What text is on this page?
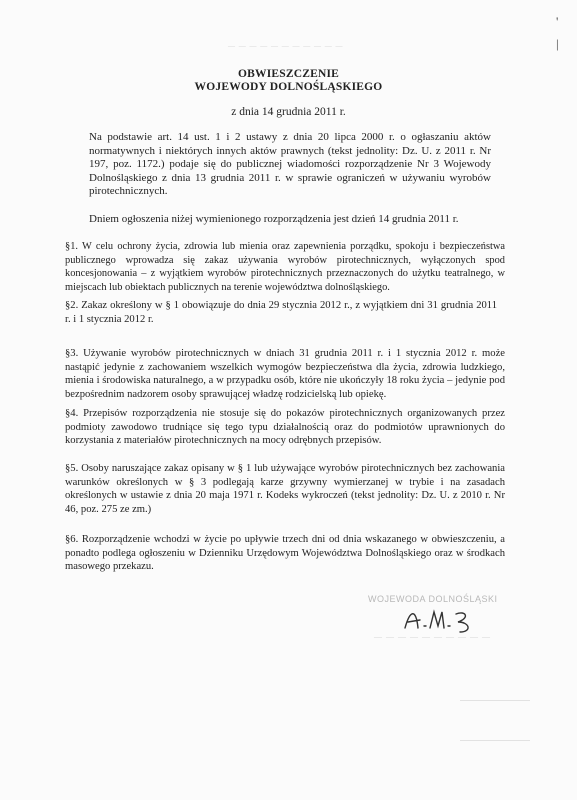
— — — — — — — — — — —
'
|
OBWIESZCZENIE
WOJEWODY DOLNOŚLĄSKIEGO
z dnia 14 grudnia 2011 r.
Na podstawie art. 14 ust. 1 i 2 ustawy z dnia 20 lipca 2000 r. o ogłaszaniu aktów normatywnych i niektórych innych aktów prawnych (tekst jednolity: Dz. U. z 2011 r. Nr 197, poz. 1172.) podaje się do publicznej wiadomości rozporządzenie Nr 3 Wojewody Dolnośląskiego z dnia 13 grudnia 2011 r. w sprawie ograniczeń w używaniu wyrobów pirotechnicznych.
Dniem ogłoszenia niżej wymienionego rozporządzenia jest dzień 14 grudnia 2011 r.
§1. W celu ochrony życia, zdrowia lub mienia oraz zapewnienia porządku, spokoju i bezpieczeństwa publicznego wprowadza się zakaz używania wyrobów pirotechnicznych, wyłączonych spod koncesjonowania – z wyjątkiem wyrobów pirotechnicznych przeznaczonych do użytku teatralnego, w miejscach lub obiektach publicznych na terenie województwa dolnośląskiego.
§2. Zakaz określony w § 1 obowiązuje do dnia 29 stycznia 2012 r., z wyjątkiem dni 31 grudnia 2011 r. i 1 stycznia 2012 r.
§3. Używanie wyrobów pirotechnicznych w dniach 31 grudnia 2011 r. i 1 stycznia 2012 r. może nastąpić jedynie z zachowaniem wszelkich wymogów bezpieczeństwa dla życia, zdrowia ludzkiego, mienia i środowiska naturalnego, a w przypadku osób, które nie ukończyły 18 roku życia – jedynie pod bezpośrednim nadzorem osoby sprawującej władzę rodzicielską lub opiekę.
§4. Przepisów rozporządzenia nie stosuje się do pokazów pirotechnicznych organizowanych przez podmioty zawodowo trudniące się tego typu działalnością oraz do podmiotów uprawnionych do korzystania z materiałów pirotechnicznych na mocy odrębnych przepisów.
§5. Osoby naruszające zakaz opisany w § 1 lub używające wyrobów pirotechnicznych bez zachowania warunków określonych w § 3 podlegają karze grzywny wymierzanej w trybie i na zasadach określonych w ustawie z dnia 20 maja 1971 r. Kodeks wykroczeń (tekst jednolity: Dz. U. z 2010 r. Nr 46, poz. 275 ze zm.)
§6. Rozporządzenie wchodzi w życie po upływie trzech dni od dnia wskazanego w obwieszczeniu, a ponadto podlega ogłoszeniu w Dzienniku Urzędowym Województwa Dolnośląskiego oraz w środkach masowego przekazu.
WOJEWODA DOLNOŚLĄSKI
— — — — — — — — — —
